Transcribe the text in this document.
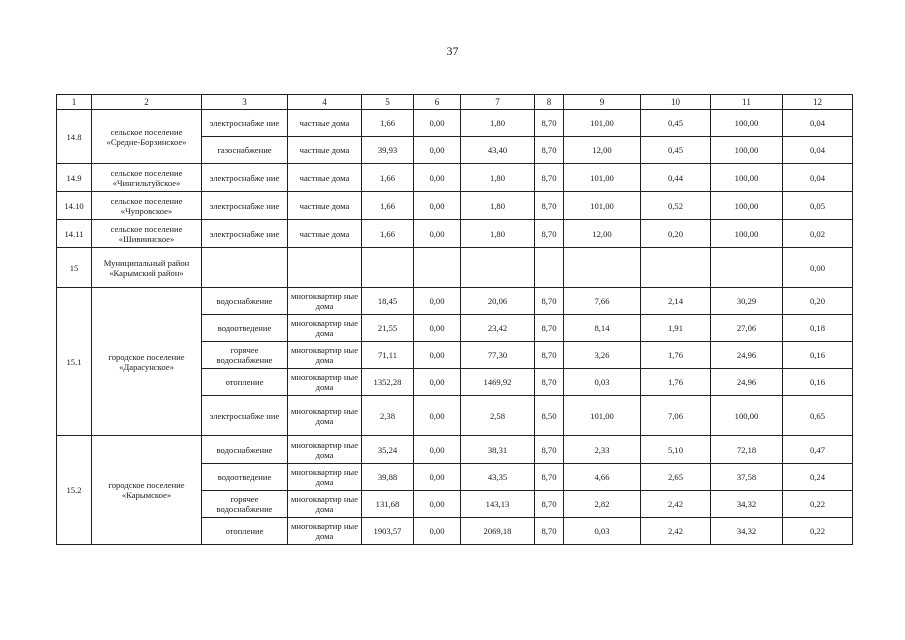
37
1	2	3	4	5	6	7	8	9	10	11	12
14.8	сельское поселение «Средне-Борзинское»	электроснабже ние	частные дома	1,66	0,00	1,80	8,70	101,00	0,45	100,00	0,04
		газоснабжение	частные дома	39,93	0,00	43,40	8,70	12,00	0,45	100,00	0,04
14.9	сельское поселение «Чингильтуйское»	электроснабже ние	частные дома	1,66	0,00	1,80	8,70	101,00	0,44	100,00	0,04
14.10	сельское поселение «Чупровское»	электроснабже ние	частные дома	1,66	0,00	1,80	8,70	101,00	0,52	100,00	0,05
14.11	сельское поселение «Шивиинское»	электроснабже ние	частные дома	1,66	0,00	1,80	8,70	12,00	0,20	100,00	0,02
15	Муниципальный район «Карымский район»										0,00
15.1	городское поселение «Дарасунское»	водоснабжение	многоквартир ные дома	18,45	0,00	20,06	8,70	7,66	2,14	30,29	0,20
		водоотведение	многоквартир ные дома	21,55	0,00	23,42	8,70	8,14	1,91	27,06	0,18
		горячее водоснабжение	многоквартир ные дома	71,11	0,00	77,30	8,70	3,26	1,76	24,96	0,16
		отопление	многоквартир ные дома	1352,28	0,00	1469,92	8,70	0,03	1,76	24,96	0,16
		электроснабже ние	многоквартир ные дома	2,38	0,00	2,58	8,50	101,00	7,06	100,00	0,65
15.2	городское поселение «Карымское»	водоснабжение	многоквартир ные дома	35,24	0,00	38,31	8,70	2,33	5,10	72,18	0,47
		водоотведение	многоквартир ные дома	39,88	0,00	43,35	8,70	4,66	2,65	37,58	0,24
		горячее водоснабжение	многоквартир ные дома	131,68	0,00	143,13	8,70	2,82	2,42	34,32	0,22
		отопление	многоквартир ные дома	1903,57	0,00	2069,18	8,70	0,03	2,42	34,32	0,22
